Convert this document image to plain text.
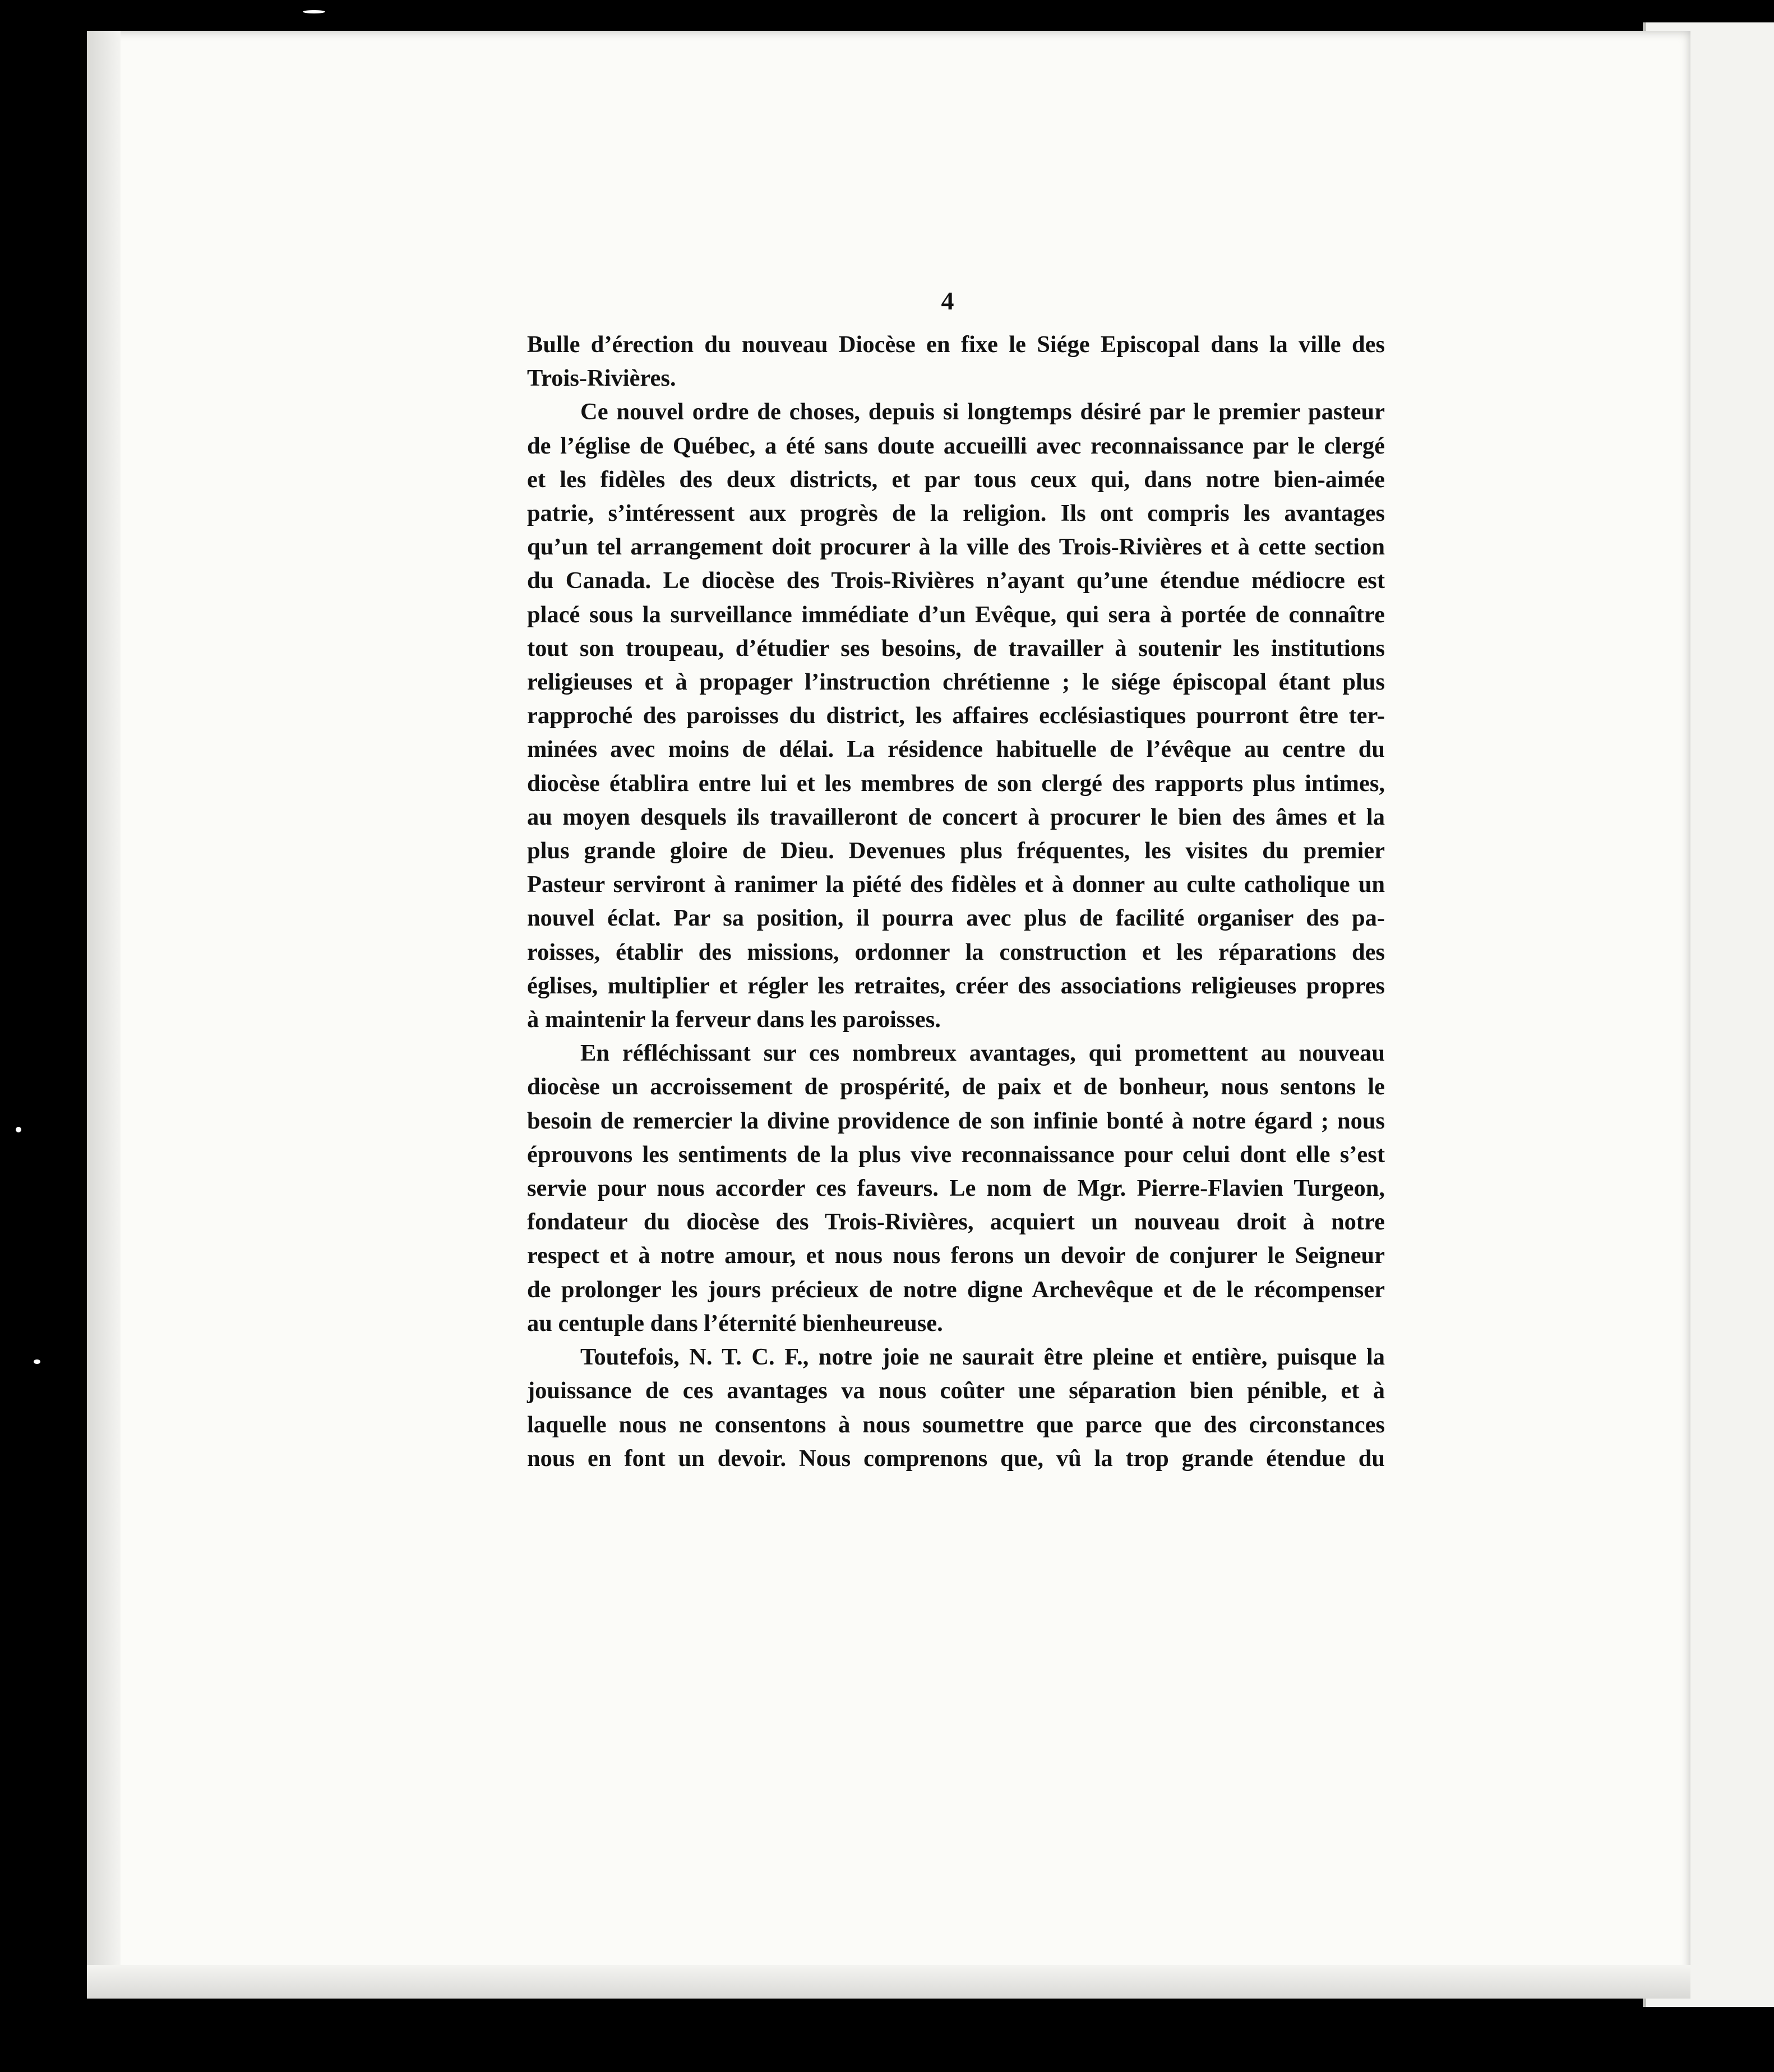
4

Bulle d’érection du nouveau Diocèse en fixe le Siége Episcopal dans la ville des
Trois-Rivières.

Ce nouvel ordre de choses, depuis si longtemps désiré par le premier pasteur
de l’église de Québec, a été sans doute accueilli avec reconnaissance par le clergé
et les fidèles des deux districts, et par tous ceux qui, dans notre bien-aimée
patrie, s’intéressent aux progrès de la religion. Ils ont compris les avantages
qu’un tel arrangement doit procurer à la ville des Trois-Rivières et à cette section
du Canada. Le diocèse des Trois-Rivières n’ayant qu’une étendue médiocre est
placé sous la surveillance immédiate d’un Evêque, qui sera à portée de connaître
tout son troupeau, d’étudier ses besoins, de travailler à soutenir les institutions
religieuses et à propager l’instruction chrétienne ; le siége épiscopal étant plus
rapproché des paroisses du district, les affaires ecclésiastiques pourront être ter-
minées avec moins de délai. La résidence habituelle de l’évêque au centre du
diocèse établira entre lui et les membres de son clergé des rapports plus intimes,
au moyen desquels ils travailleront de concert à procurer le bien des âmes et la
plus grande gloire de Dieu. Devenues plus fréquentes, les visites du premier
Pasteur serviront à ranimer la piété des fidèles et à donner au culte catholique un
nouvel éclat. Par sa position, il pourra avec plus de facilité organiser des pa-
roisses, établir des missions, ordonner la construction et les réparations des
églises, multiplier et régler les retraites, créer des associations religieuses propres
à maintenir la ferveur dans les paroisses.

En réfléchissant sur ces nombreux avantages, qui promettent au nouveau
diocèse un accroissement de prospérité, de paix et de bonheur, nous sentons le
besoin de remercier la divine providence de son infinie bonté à notre égard ; nous
éprouvons les sentiments de la plus vive reconnaissance pour celui dont elle s’est
servie pour nous accorder ces faveurs. Le nom de Mgr. Pierre-Flavien Turgeon,
fondateur du diocèse des Trois-Rivières, acquiert un nouveau droit à notre
respect et à notre amour, et nous nous ferons un devoir de conjurer le Seigneur
de prolonger les jours précieux de notre digne Archevêque et de le récompenser
au centuple dans l’éternité bienheureuse.

Toutefois, N. T. C. F., notre joie ne saurait être pleine et entière, puisque la
jouissance de ces avantages va nous coûter une séparation bien pénible, et à
laquelle nous ne consentons à nous soumettre que parce que des circonstances
nous en font un devoir. Nous comprenons que, vû la trop grande étendue du
